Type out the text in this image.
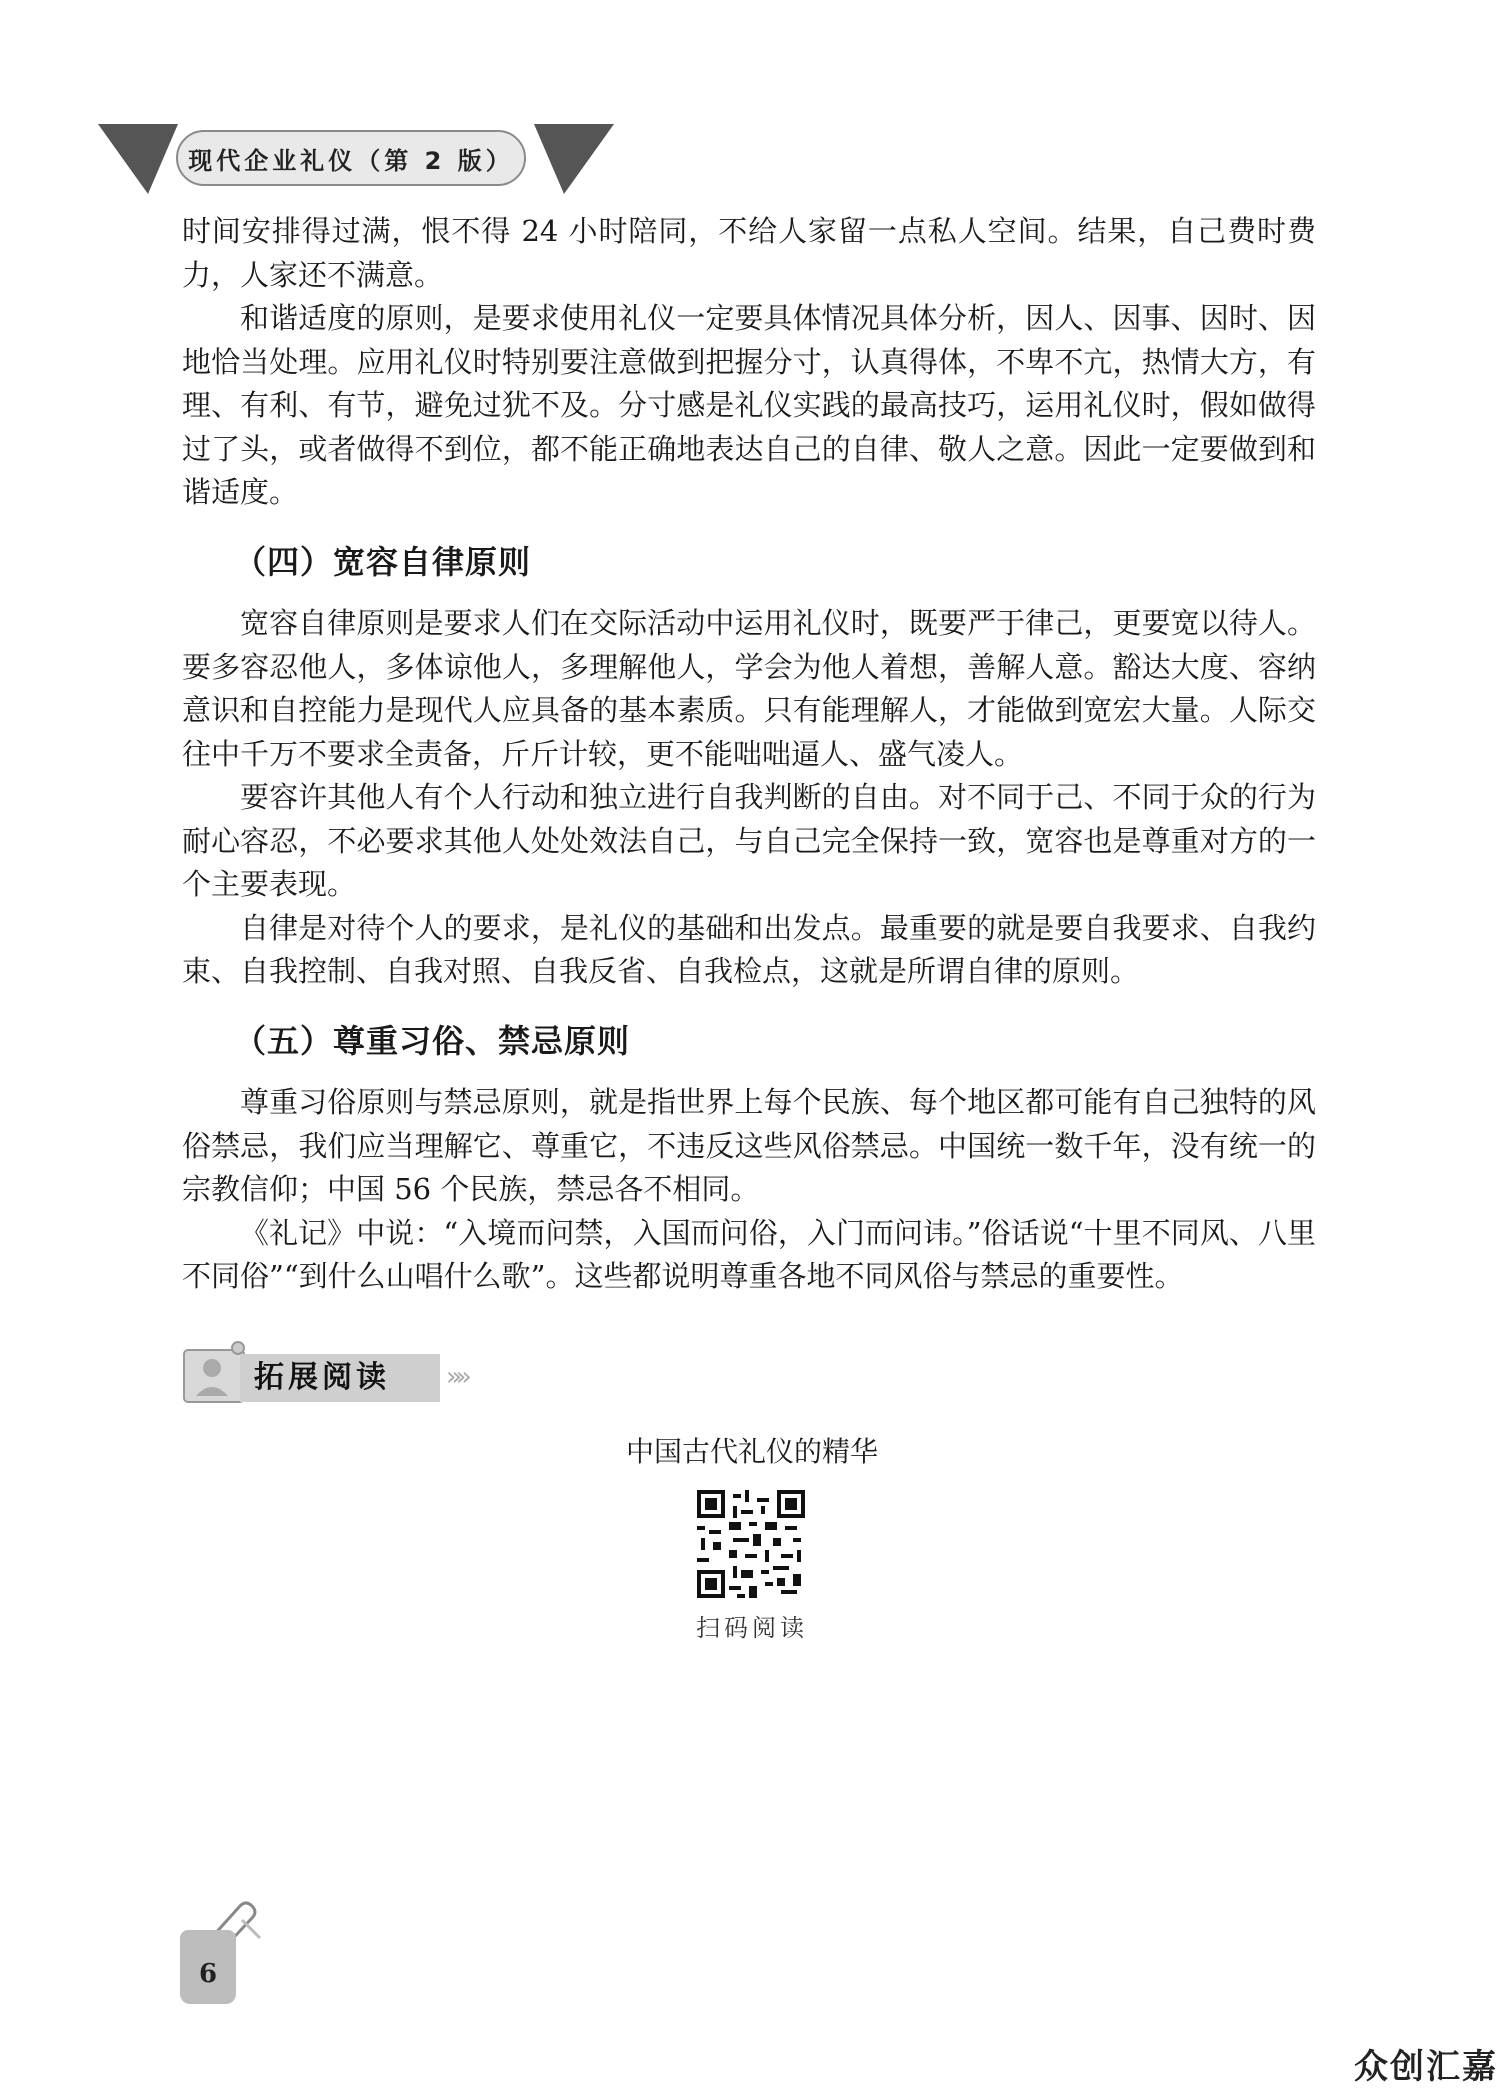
现代企业礼仪（第 2 版）

时间安排得过满，恨不得 24 小时陪同，不给人家留一点私人空间。结果，自己费时费力，人家还不满意。

和谐适度的原则，是要求使用礼仪一定要具体情况具体分析，因人、因事、因时、因地恰当处理。应用礼仪时特别要注意做到把握分寸，认真得体，不卑不亢，热情大方，有理、有利、有节，避免过犹不及。分寸感是礼仪实践的最高技巧，运用礼仪时，假如做得过了头，或者做得不到位，都不能正确地表达自己的自律、敬人之意。因此一定要做到和谐适度。

（四）宽容自律原则

宽容自律原则是要求人们在交际活动中运用礼仪时，既要严于律己，更要宽以待人。要多容忍他人，多体谅他人，多理解他人，学会为他人着想，善解人意。豁达大度、容纳意识和自控能力是现代人应具备的基本素质。只有能理解人，才能做到宽宏大量。人际交往中千万不要求全责备，斤斤计较，更不能咄咄逼人、盛气凌人。

要容许其他人有个人行动和独立进行自我判断的自由。对不同于己、不同于众的行为耐心容忍，不必要求其他人处处效法自己，与自己完全保持一致，宽容也是尊重对方的一个主要表现。

自律是对待个人的要求，是礼仪的基础和出发点。最重要的就是要自我要求、自我约束、自我控制、自我对照、自我反省、自我检点，这就是所谓自律的原则。

（五）尊重习俗、禁忌原则

尊重习俗原则与禁忌原则，就是指世界上每个民族、每个地区都可能有自己独特的风俗禁忌，我们应当理解它、尊重它，不违反这些风俗禁忌。中国统一数千年，没有统一的宗教信仰；中国 56 个民族，禁忌各不相同。

《礼记》中说：“入境而问禁，入国而问俗，入门而问讳。”俗话说“十里不同风、八里不同俗”“到什么山唱什么歌”。这些都说明尊重各地不同风俗与禁忌的重要性。

拓展阅读	»»
中国古代礼仪的精华
扫码阅读
6
众创汇嘉
